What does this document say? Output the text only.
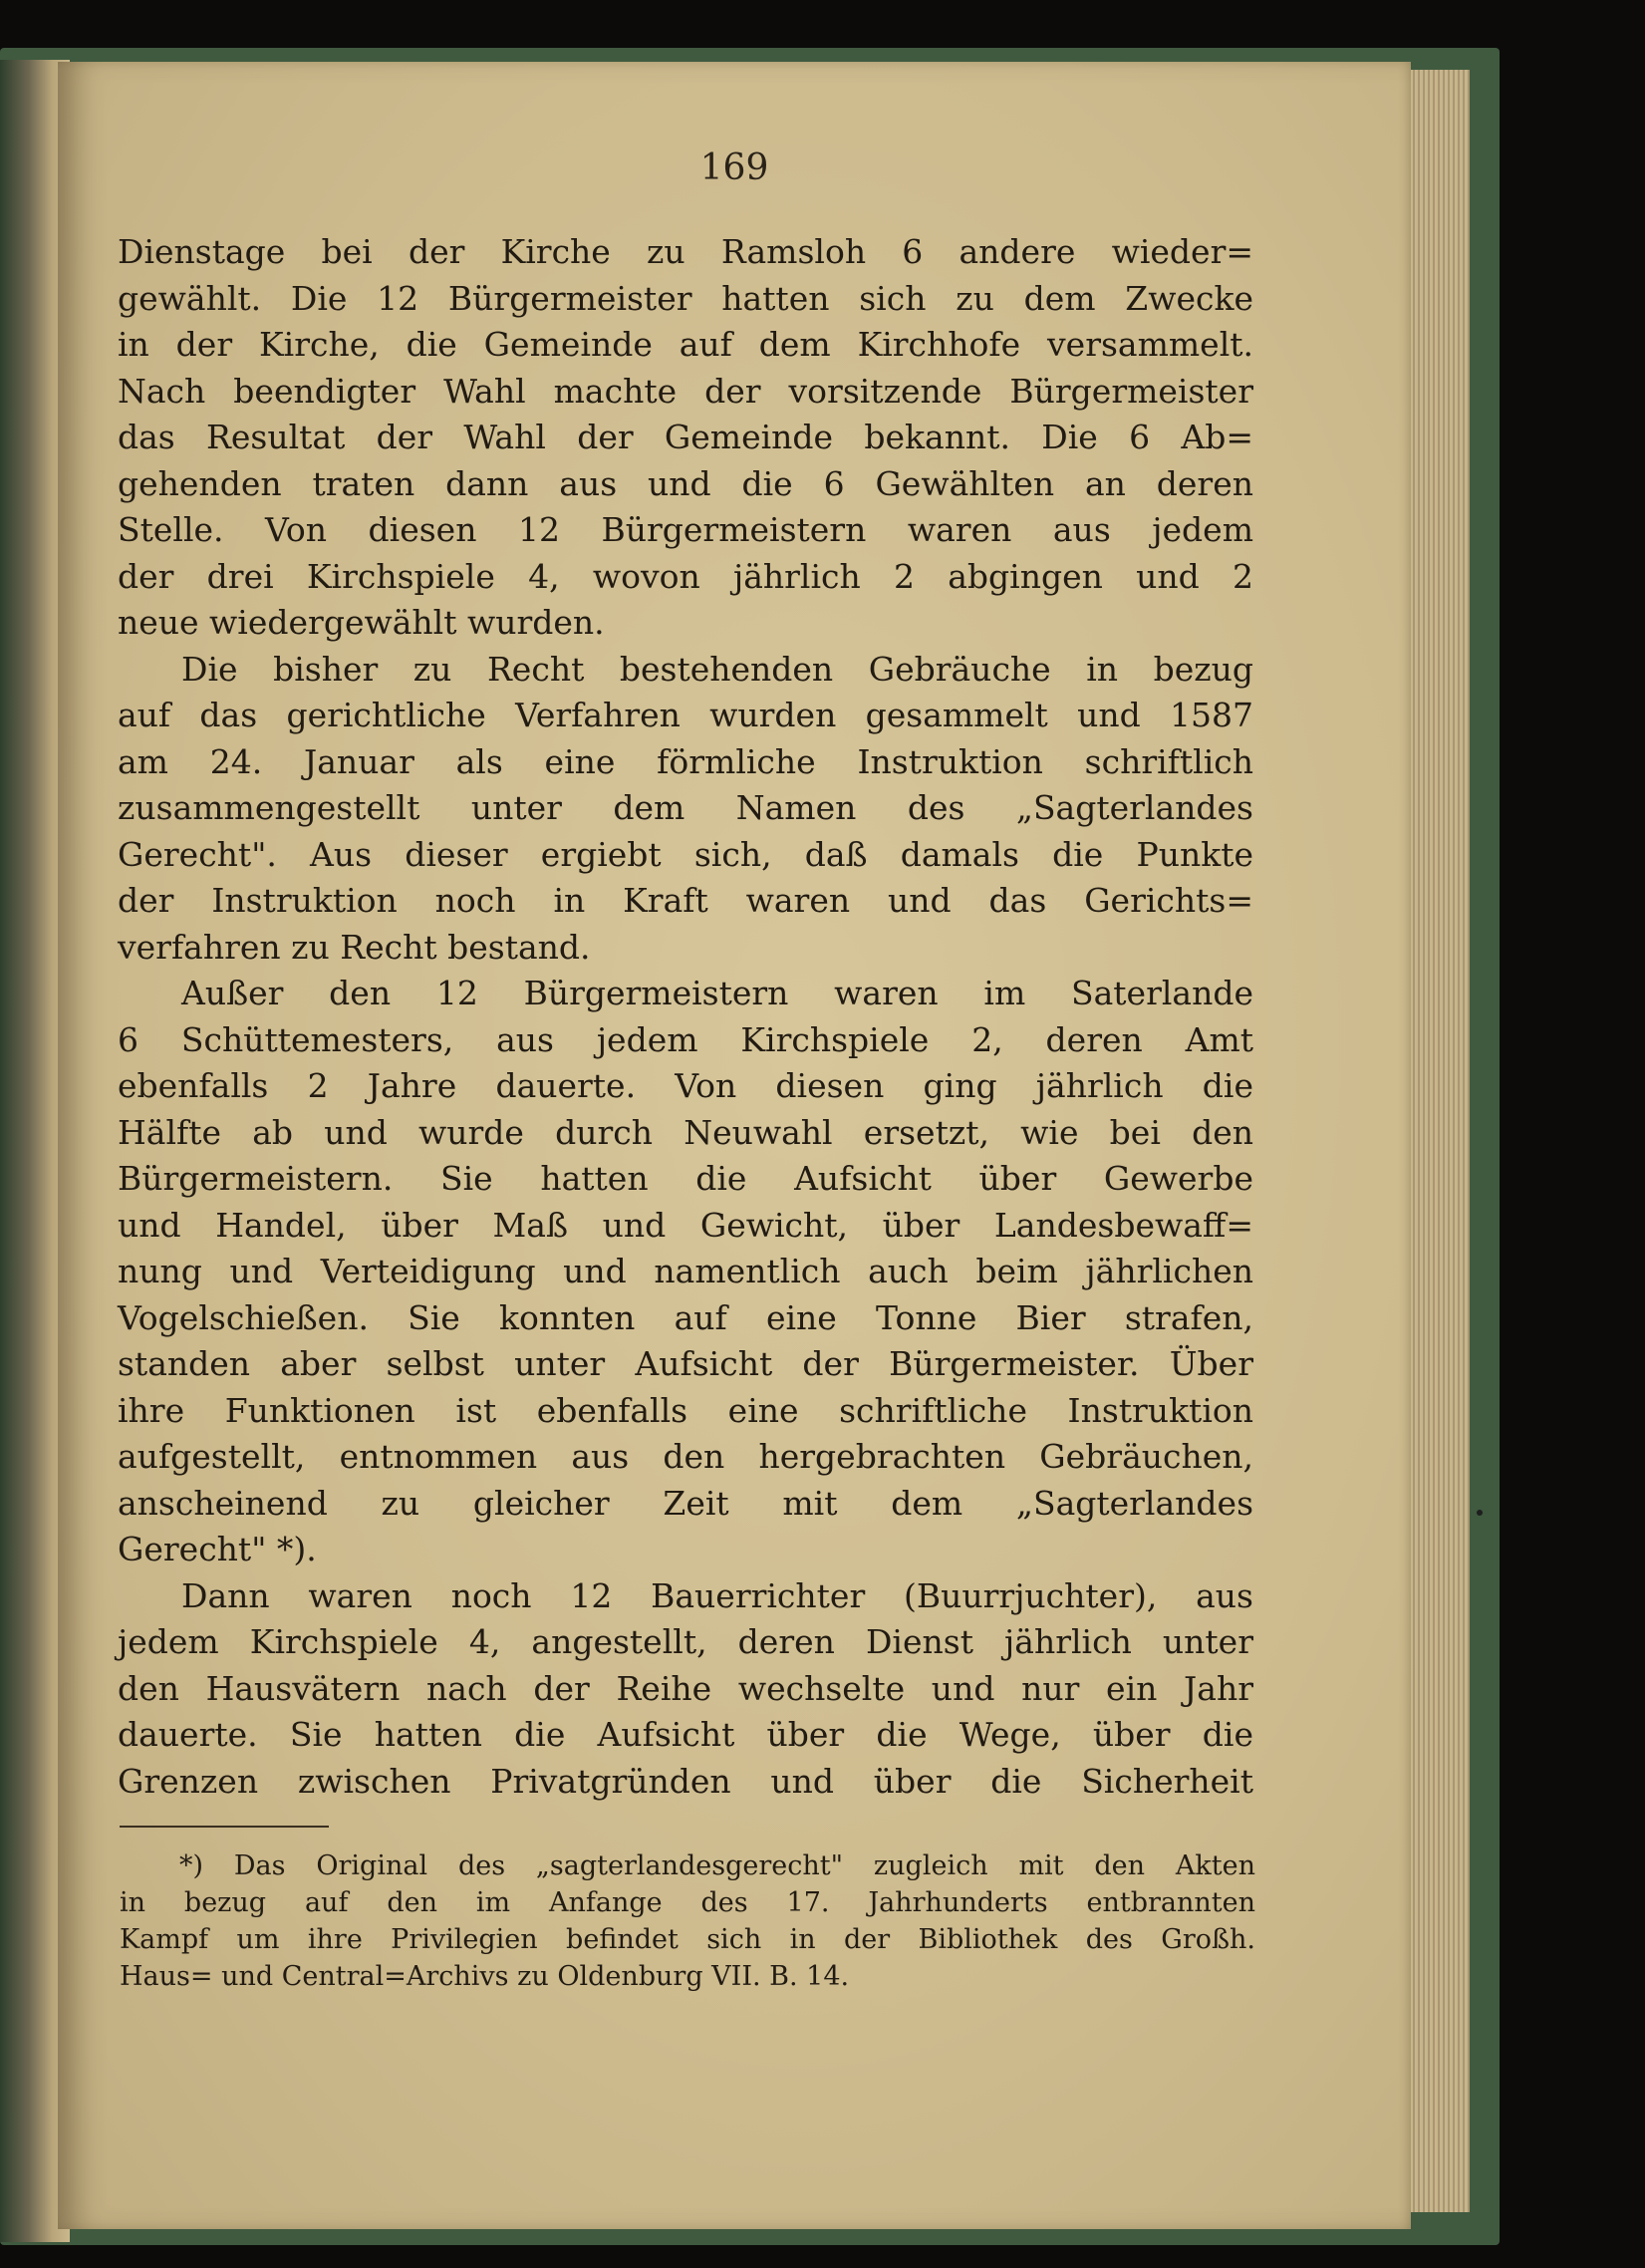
169
Dienstage bei der Kirche zu Ramsloh 6 andere wieder=
gewählt. Die 12 Bürgermeister hatten sich zu dem Zwecke
in der Kirche, die Gemeinde auf dem Kirchhofe versammelt.
Nach beendigter Wahl machte der vorsitzende Bürgermeister
das Resultat der Wahl der Gemeinde bekannt. Die 6 Ab=
gehenden traten dann aus und die 6 Gewählten an deren
Stelle. Von diesen 12 Bürgermeistern waren aus jedem
der drei Kirchspiele 4, wovon jährlich 2 abgingen und 2
neue wiedergewählt wurden.
Die bisher zu Recht bestehenden Gebräuche in bezug
auf das gerichtliche Verfahren wurden gesammelt und 1587
am 24. Januar als eine förmliche Instruktion schriftlich
zusammengestellt unter dem Namen des „Sagterlandes
Gerecht". Aus dieser ergiebt sich, daß damals die Punkte
der Instruktion noch in Kraft waren und das Gerichts=
verfahren zu Recht bestand.
Außer den 12 Bürgermeistern waren im Saterlande
6 Schüttemesters, aus jedem Kirchspiele 2, deren Amt
ebenfalls 2 Jahre dauerte. Von diesen ging jährlich die
Hälfte ab und wurde durch Neuwahl ersetzt, wie bei den
Bürgermeistern. Sie hatten die Aufsicht über Gewerbe
und Handel, über Maß und Gewicht, über Landesbewaff=
nung und Verteidigung und namentlich auch beim jährlichen
Vogelschießen. Sie konnten auf eine Tonne Bier strafen,
standen aber selbst unter Aufsicht der Bürgermeister. Über
ihre Funktionen ist ebenfalls eine schriftliche Instruktion
aufgestellt, entnommen aus den hergebrachten Gebräuchen,
anscheinend zu gleicher Zeit mit dem „Sagterlandes
Gerecht" *).
Dann waren noch 12 Bauerrichter (Buurrjuchter), aus
jedem Kirchspiele 4, angestellt, deren Dienst jährlich unter
den Hausvätern nach der Reihe wechselte und nur ein Jahr
dauerte. Sie hatten die Aufsicht über die Wege, über die
Grenzen zwischen Privatgründen und über die Sicherheit
*) Das Original des „sagterlandesgerecht" zugleich mit den Akten
in bezug auf den im Anfange des 17. Jahrhunderts entbrannten
Kampf um ihre Privilegien befindet sich in der Bibliothek des Großh.
Haus= und Central=Archivs zu Oldenburg VII. B. 14.
